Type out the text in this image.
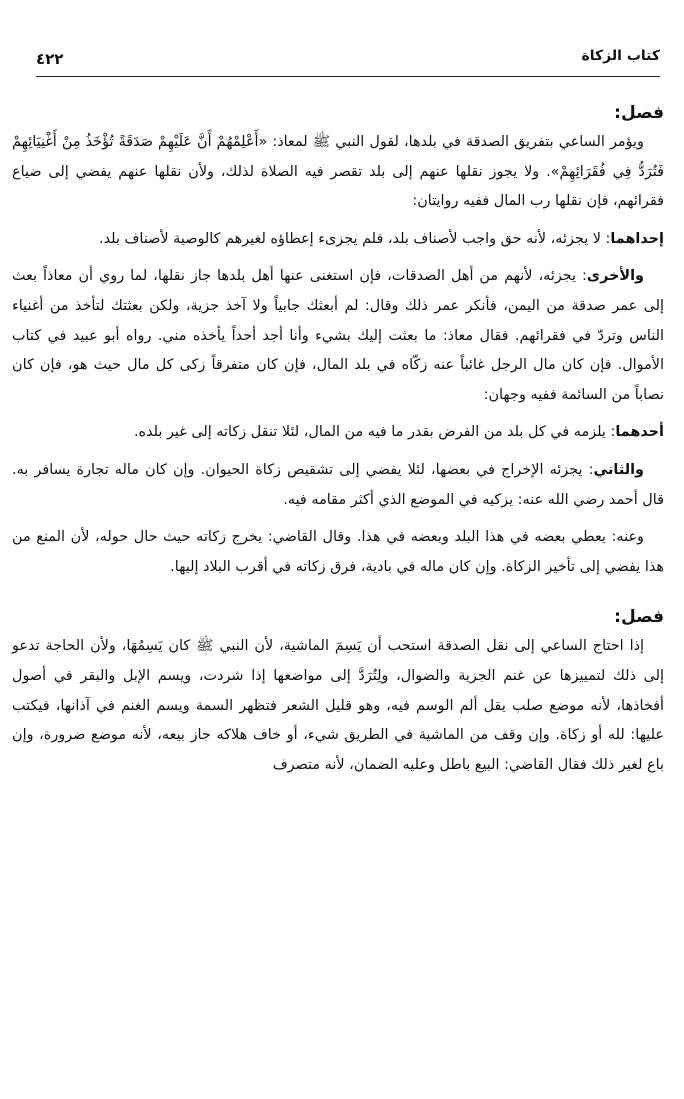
كتاب الزكاة
٤٢٢
فصل:

ويؤمر الساعي بتفريق الصدقة في بلدها، لقول النبي ﷺ لمعاذ: «أَعْلِمْهُمْ أَنَّ عَلَيْهِمْ صَدَقَةً تُؤْخَذُ مِنْ أَغْنِيَائِهِمْ فَتُرَدُّ فِي فُقَرَائِهِمْ». ولا يجوز نقلها عنهم إلى بلد تقصر فيه الصلاة لذلك، ولأن نقلها عنهم يفضي إلى ضياع فقرائهم، فإن نقلها رب المال ففيه روايتان:

إحداهما: لا يجزئه، لأنه حق واجب لأصناف بلد، فلم يجزىء إعطاؤه لغيرهم كالوصية لأصناف بلد.

والأخرى: يجزئه، لأنهم من أهل الصدقات، فإن استغنى عنها أهل بلدها جاز نقلها، لما روي أن معاذاً بعث إلى عمر صدقة من اليمن، فأنكر عمر ذلك وقال: لم أبعثك جابياً ولا آخذ جزية، ولكن بعثتك لتأخذ من أغنياء الناس وتردّ في فقرائهم. فقال معاذ: ما بعثت إليك بشيء وأنا أجد أحداً يأخذه مني. رواه أبو عبيد في كتاب الأموال. فإن كان مال الرجل غائباً عنه زكّاه في بلد المال، فإن كان متفرقاً زكى كل مال حيث هو، فإن كان نصاباً من السائمة ففيه وجهان:

أحدهما: يلزمه في كل بلد من الفرض بقدر ما فيه من المال، لئلا تنقل زكاته إلى غير بلده.

والثاني: يجزئه الإخراج في بعضها، لئلا يفضي إلى تشقيص زكاة الحيوان. وإن كان ماله تجارة يسافر به. قال أحمد رضي الله عنه: يزكيه في الموضع الذي أكثر مقامه فيه.

وعنه: يعطي بعضه في هذا البلد وبعضه في هذا. وقال القاضي: يخرج زكاته حيث حال حوله، لأن المنع من هذا يفضي إلى تأخير الزكاة. وإن كان ماله في بادية، فرق زكاته في أقرب البلاد إليها.

فصل:

إذا احتاج الساعي إلى نقل الصدقة استحب أن يَسِمَ الماشية، لأن النبي ﷺ كان يَسِمُهَا، ولأن الحاجة تدعو إلى ذلك لتمييزها عن غنم الجزية والضوال، ولِتُرَدَّ إلى مواضعها إذا شردت، ويسم الإبل والبقر في أصول أفخاذها، لأنه موضع صلب يقل ألم الوسم فيه، وهو قليل الشعر فتظهر السمة ويسم الغنم في آذانها، فيكتب عليها: لله أو زكاة. وإن وقف من الماشية في الطريق شيء، أو خاف هلاكه جاز بيعه، لأنه موضع ضرورة، وإن باع لغير ذلك فقال القاضي: البيع باطل وعليه الضمان، لأنه متصرف
